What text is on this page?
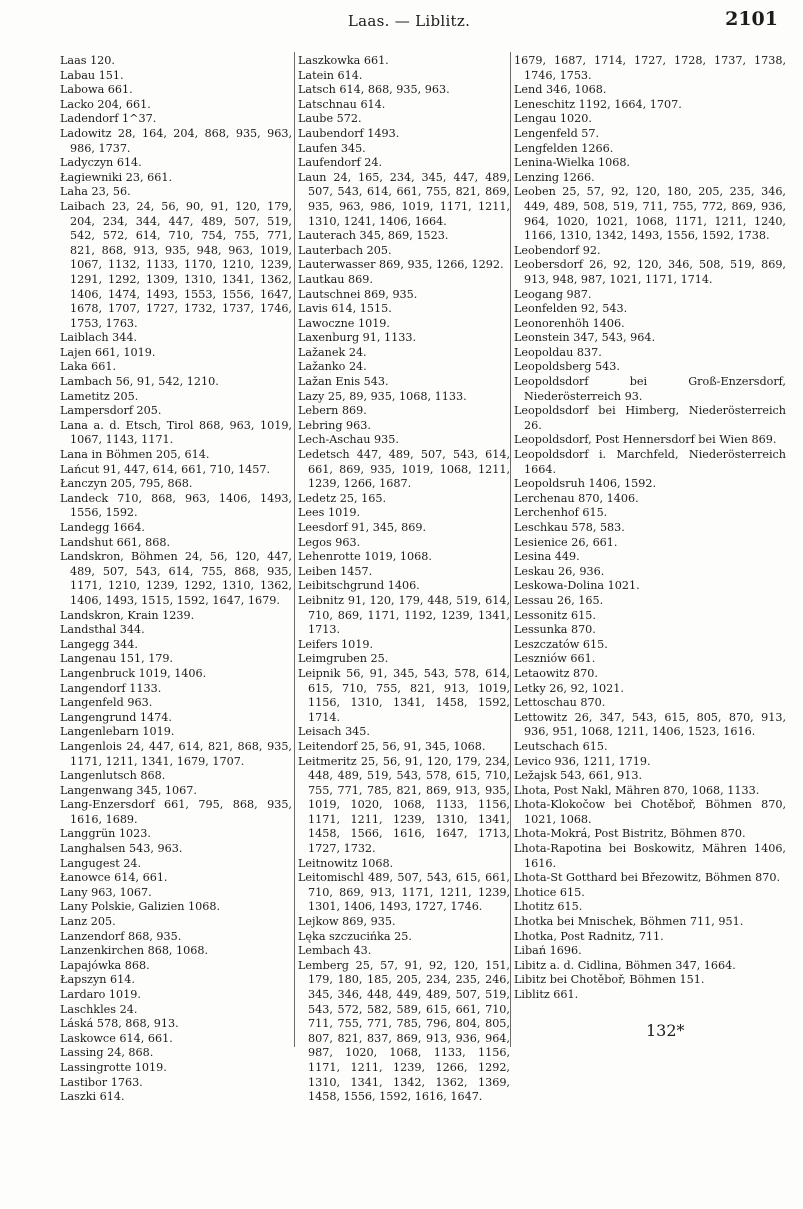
Laas. — Liblitz.	2101

Laas 120.

Labau 151.

Labowa 661.

Lacko 204, 661.

Ladendorf 1^37.

Ladowitz 28, 164, 204, 868, 935, 963, 986, 1737.

Ladyczyn 614.

Łagiewniki 23, 661.

Laha 23, 56.

Laibach 23, 24, 56, 90, 91, 120, 179, 204, 234, 344, 447, 489, 507, 519, 542, 572, 614, 710, 754, 755, 771, 821, 868, 913, 935, 948, 963, 1019, 1067, 1132, 1133, 1170, 1210, 1239, 1291, 1292, 1309, 1310, 1341, 1362, 1406, 1474, 1493, 1553, 1556, 1647, 1678, 1707, 1727, 1732, 1737, 1746, 1753, 1763.

Laiblach 344.

Lajen 661, 1019.

Laka 661.

Lambach 56, 91, 542, 1210.

Lametitz 205.

Lampersdorf 205.

Lana a. d. Etsch, Tirol 868, 963, 1019, 1067, 1143, 1171.

Lana in Böhmen 205, 614.

Lańcut 91, 447, 614, 661, 710, 1457.

Łanczyn 205, 795, 868.

Landeck 710, 868, 963, 1406, 1493, 1556, 1592.

Landegg 1664.

Landshut 661, 868.

Landskron, Böhmen 24, 56, 120, 447, 489, 507, 543, 614, 755, 868, 935, 1171, 1210, 1239, 1292, 1310, 1362, 1406, 1493, 1515, 1592, 1647, 1679.

Landskron, Krain 1239.

Landsthal 344.

Langegg 344.

Langenau 151, 179.

Langenbruck 1019, 1406.

Langendorf 1133.

Langenfeld 963.

Langengrund 1474.

Langenlebarn 1019.

Langenlois 24, 447, 614, 821, 868, 935, 1171, 1211, 1341, 1679, 1707.

Langenlutsch 868.

Langenwang 345, 1067.

Lang-Enzersdorf 661, 795, 868, 935, 1616, 1689.

Langgrün 1023.

Langhalsen 543, 963.

Langugest 24.

Łanowce 614, 661.

Lany 963, 1067.

Lany Polskie, Galizien 1068.

Lanz 205.

Lanzendorf 868, 935.

Lanzenkirchen 868, 1068.

Lapajówka 868.

Łapszyn 614.

Lardaro 1019.

Laschkles 24.

Láská 578, 868, 913.

Laskowce 614, 661.

Lassing 24, 868.

Lassingrotte 1019.

Lastibor 1763.

Laszki 614.

Laszkowka 661.

Latein 614.

Latsch 614, 868, 935, 963.

Latschnau 614.

Laube 572.

Laubendorf 1493.

Laufen 345.

Laufendorf 24.

Laun 24, 165, 234, 345, 447, 489, 507, 543, 614, 661, 755, 821, 869, 935, 963, 986, 1019, 1171, 1211, 1310, 1241, 1406, 1664.

Lauterach 345, 869, 1523.

Lauterbach 205.

Lauterwasser 869, 935, 1266, 1292.

Lautkau 869.

Lautschnei 869, 935.

Lavis 614, 1515.

Lawoczne 1019.

Laxenburg 91, 1133.

Lažanek 24.

Lažanko 24.

Lažan Enis 543.

Lazy 25, 89, 935, 1068, 1133.

Lebern 869.

Lebring 963.

Lech-Aschau 935.

Ledetsch 447, 489, 507, 543, 614, 661, 869, 935, 1019, 1068, 1211, 1239, 1266, 1687.

Ledetz 25, 165.

Lees 1019.

Leesdorf 91, 345, 869.

Legos 963.

Lehenrotte 1019, 1068.

Leiben 1457.

Leibitschgrund 1406.

Leibnitz 91, 120, 179, 448, 519, 614, 710, 869, 1171, 1192, 1239, 1341, 1713.

Leifers 1019.

Leimgruben 25.

Leipnik 56, 91, 345, 543, 578, 614, 615, 710, 755, 821, 913, 1019, 1156, 1310, 1341, 1458, 1592, 1714.

Leisach 345.

Leitendorf 25, 56, 91, 345, 1068.

Leitmeritz 25, 56, 91, 120, 179, 234, 448, 489, 519, 543, 578, 615, 710, 755, 771, 785, 821, 869, 913, 935, 1019, 1020, 1068, 1133, 1156, 1171, 1211, 1239, 1310, 1341, 1458, 1566, 1616, 1647, 1713, 1727, 1732.

Leitnowitz 1068.

Leitomischl 489, 507, 543, 615, 661, 710, 869, 913, 1171, 1211, 1239, 1301, 1406, 1493, 1727, 1746.

Lejkow 869, 935.

Lęka szczucińka 25.

Lembach 43.

Lemberg 25, 57, 91, 92, 120, 151, 179, 180, 185, 205, 234, 235, 246, 345, 346, 448, 449, 489, 507, 519, 543, 572, 582, 589, 615, 661, 710, 711, 755, 771, 785, 796, 804, 805, 807, 821, 837, 869, 913, 936, 964, 987, 1020, 1068, 1133, 1156, 1171, 1211, 1239, 1266, 1292, 1310, 1341, 1342, 1362, 1369, 1458, 1556, 1592, 1616, 1647.

1679, 1687, 1714, 1727, 1728, 1737, 1738, 1746, 1753.

Lend 346, 1068.

Leneschitz 1192, 1664, 1707.

Lengau 1020.

Lengenfeld 57.

Lengfelden 1266.

Lenina-Wielka 1068.

Lenzing 1266.

Leoben 25, 57, 92, 120, 180, 205, 235, 346, 449, 489, 508, 519, 711, 755, 772, 869, 936, 964, 1020, 1021, 1068, 1171, 1211, 1240, 1166, 1310, 1342, 1493, 1556, 1592, 1738.

Leobendorf 92.

Leobersdorf 26, 92, 120, 346, 508, 519, 869, 913, 948, 987, 1021, 1171, 1714.

Leogang 987.

Leonfelden 92, 543.

Leonorenhöh 1406.

Leonstein 347, 543, 964.

Leopoldau 837.

Leopoldsberg 543.

Leopoldsdorf bei Groß-Enzersdorf, Niederösterreich 93.

Leopoldsdorf bei Himberg, Niederösterreich 26.

Leopoldsdorf, Post Hennersdorf bei Wien 869.

Leopoldsdorf i. Marchfeld, Niederösterreich 1664.

Leopoldsruh 1406, 1592.

Lerchenau 870, 1406.

Lerchenhof 615.

Leschkau 578, 583.

Lesienice 26, 661.

Lesina 449.

Leskau 26, 936.

Leskowa-Dolina 1021.

Lessau 26, 165.

Lessonitz 615.

Lessunka 870.

Leszczatów 615.

Leszniów 661.

Letaowitz 870.

Letky 26, 92, 1021.

Lettoschau 870.

Lettowitz 26, 347, 543, 615, 805, 870, 913, 936, 951, 1068, 1211, 1406, 1523, 1616.

Leutschach 615.

Levico 936, 1211, 1719.

Ležajsk 543, 661, 913.

Lhota, Post Nakl, Mähren 870, 1068, 1133.

Lhota-Klokočow bei Chotěboř, Böhmen 870, 1021, 1068.

Lhota-Mokrá, Post Bistritz, Böhmen 870.

Lhota-Rapotina bei Boskowitz, Mähren 1406, 1616.

Lhota-St Gotthard bei Březowitz, Böhmen 870.

Lhotice 615.

Lhotitz 615.

Lhotka bei Mnischek, Böhmen 711, 951.

Lhotka, Post Radnitz, 711.

Libań 1696.

Libitz a. d. Cidlina, Böhmen 347, 1664.

Libitz bei Chotěboř, Böhmen 151.

Liblitz 661.

132*
